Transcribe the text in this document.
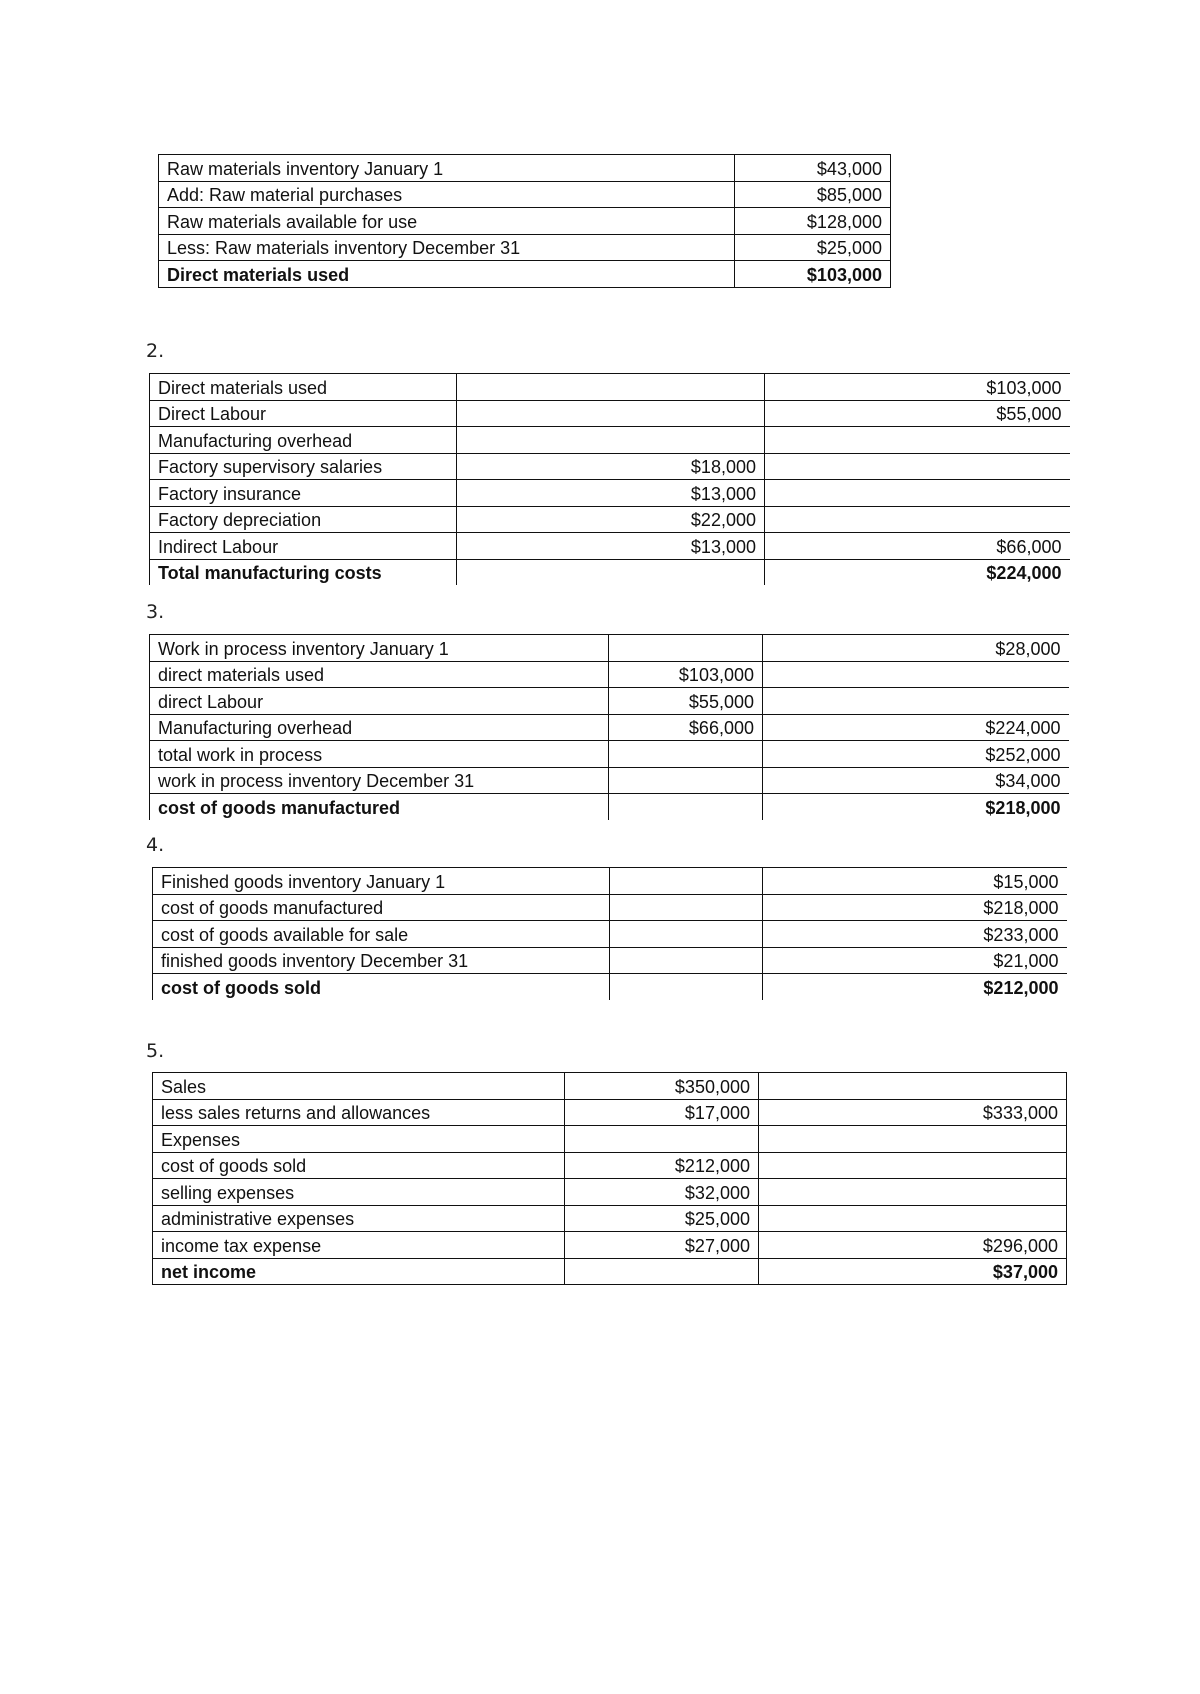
Raw materials inventory January 1	$43,000
Add: Raw material purchases	$85,000
Raw materials available for use	$128,000
Less: Raw materials inventory December 31	$25,000
Direct materials used	$103,000
2.
Direct materials used		$103,000
Direct Labour		$55,000
Manufacturing overhead		
Factory supervisory salaries	$18,000	
Factory insurance	$13,000	
Factory depreciation	$22,000	
Indirect Labour	$13,000	$66,000
Total manufacturing costs		$224,000
3.
Work in process inventory January 1		$28,000
direct materials used	$103,000	
direct Labour	$55,000	
Manufacturing overhead	$66,000	$224,000
total work in process		$252,000
work in process inventory December 31		$34,000
cost of goods manufactured		$218,000
4.
Finished goods inventory January 1		$15,000
cost of goods manufactured		$218,000
cost of goods available for sale		$233,000
finished goods inventory December 31		$21,000
cost of goods sold		$212,000
5.
Sales	$350,000	
less sales returns and allowances	$17,000	$333,000
Expenses		
cost of goods sold	$212,000	
selling expenses	$32,000	
administrative expenses	$25,000	
income tax expense	$27,000	$296,000
net income		$37,000
